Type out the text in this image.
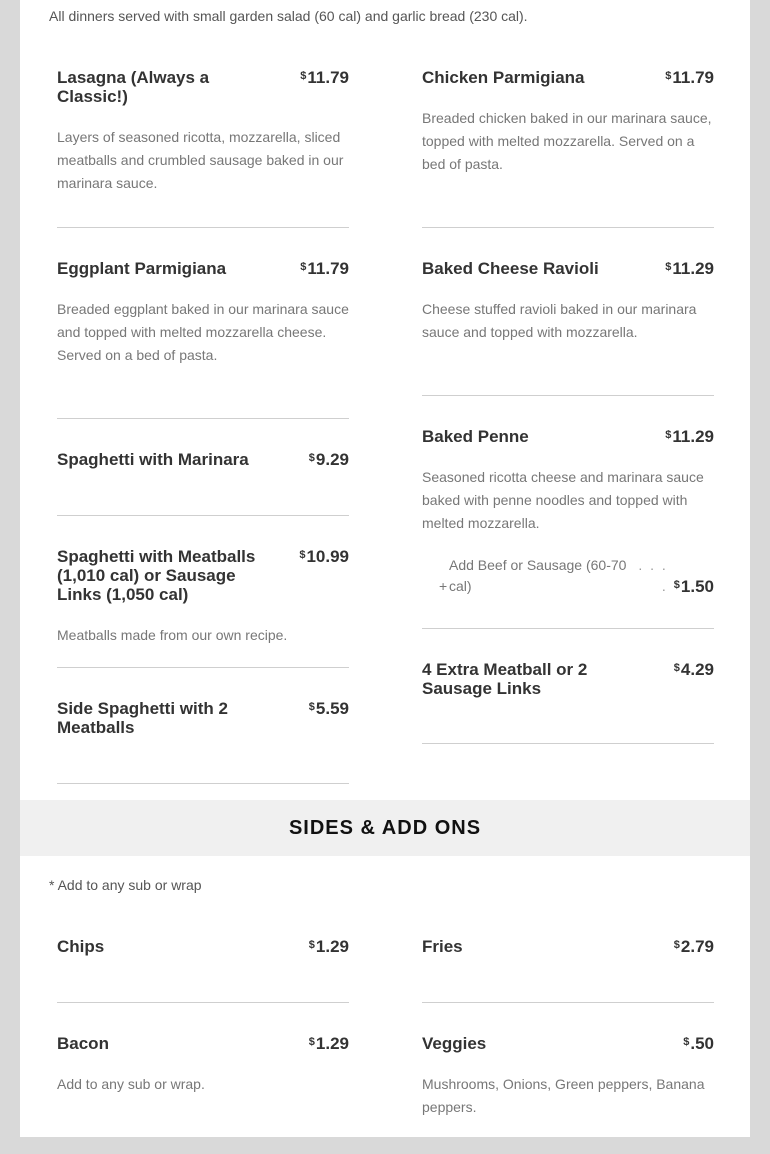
All dinners served with small garden salad (60 cal) and garlic bread (230 cal).
Lasagna (Always a Classic!)
$11.79
Layers of seasoned ricotta, mozzarella, sliced meatballs and crumbled sausage baked in our marinara sauce.
Eggplant Parmigiana	$11.79
Breaded eggplant baked in our marinara sauce and topped with melted mozzarella cheese. Served on a bed of pasta.
Spaghetti with Marinara	$9.29
Spaghetti with Meatballs (1,010 cal) or Sausage Links (1,050 cal)
$10.99
Meatballs made from our own recipe.
Side Spaghetti with 2 Meatballs
$5.59
Chicken Parmigiana	$11.79
Breaded chicken baked in our marinara sauce, topped with melted mozzarella. Served on a bed of pasta.
Baked Cheese Ravioli	$11.29
Cheese stuffed ravioli baked in our marinara sauce and topped with mozzarella.
Baked Penne	$11.29
Seasoned ricotta cheese and marinara sauce baked with penne noodles and topped with melted mozzarella.
+
Add Beef or Sausage (60-70 cal)
. . . . $1.50
4 Extra Meatball or 2 Sausage Links
$4.29
SIDES & ADD ONS
* Add to any sub or wrap
Chips	$1.29
Bacon	$1.29
Add to any sub or wrap.
Fries	$2.79
Veggies	$.50
Mushrooms, Onions, Green peppers, Banana peppers.
